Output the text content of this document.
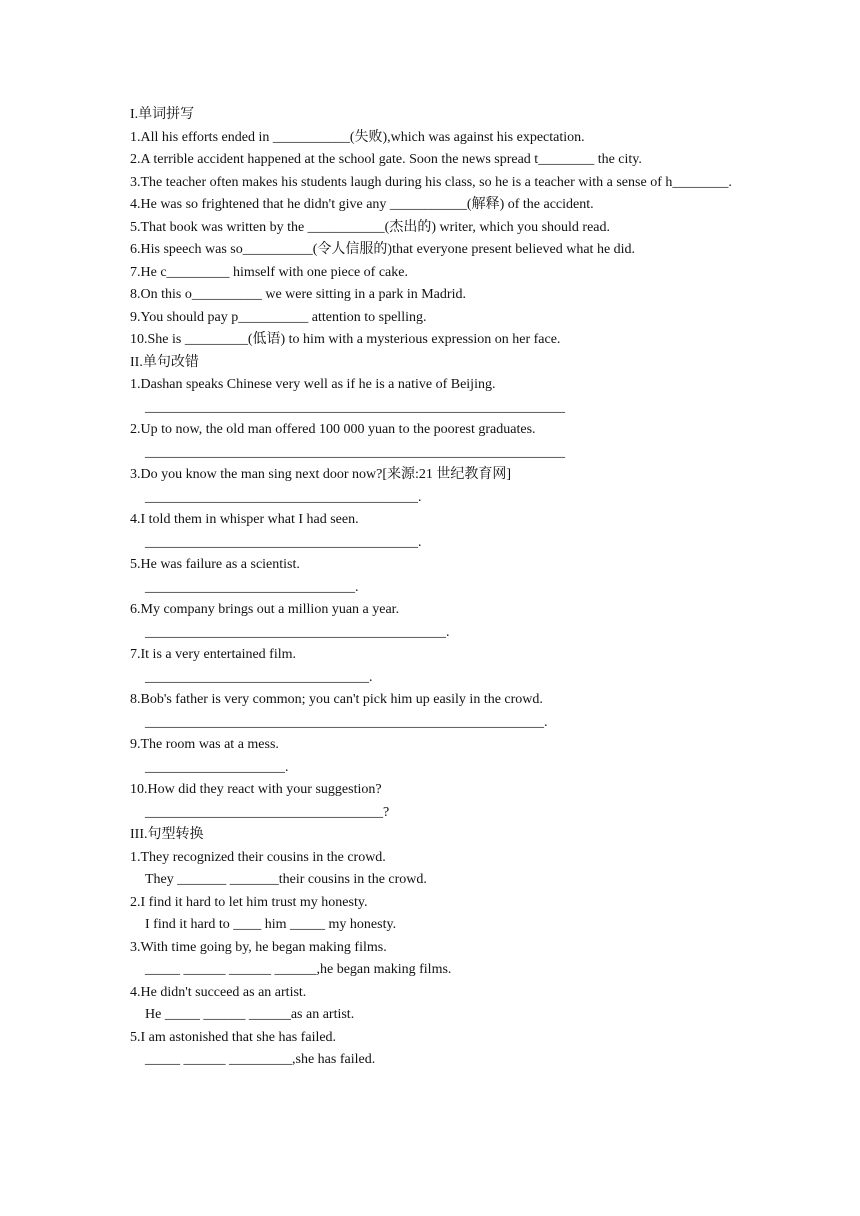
I.单词拼写
1.All his efforts ended in ___________(失败),which was against his expectation.
2.A terrible accident happened at the school gate. Soon the news spread t________ the city.
3.The teacher often makes his students laugh during his class, so he is a teacher with a sense of h________.
4.He was so frightened that he didn't give any ___________(解释) of the accident.
5.That book was written by the ___________(杰出的) writer, which you should read.
6.His speech was so__________(令人信服的)that everyone present believed what he did.
7.He c_________ himself with one piece of cake.
8.On this o__________ we were sitting in a park in Madrid.
9.You should pay p__________ attention to spelling.
10.She is _________(低语) to him with a mysterious expression on her face.
II.单句改错
1.Dashan speaks Chinese very well as if he is a native of Beijing.
____________________________________________________________
2.Up to now, the old man offered 100 000 yuan to the poorest graduates.
____________________________________________________________
3.Do you know the man sing next door now?[来源:21 世纪教育网]
_______________________________________.
4.I told them in whisper what I had seen.
_______________________________________.
5.He was failure as a scientist.
______________________________.
6.My company brings out a million yuan a year.
___________________________________________.
7.It is a very entertained film.
________________________________.
8.Bob's father is very common; you can't pick him up easily in the crowd.
_________________________________________________________.
9.The room was at a mess.
____________________.
10.How did they react with your suggestion?
__________________________________?
III.句型转换
1.They recognized their cousins in the crowd.
They _______ _______their cousins in the crowd.
2.I find it hard to let him trust my honesty.
I find it hard to ____ him _____ my honesty.
3.With time going by, he began making films.
_____ ______ ______ ______,he began making films.
4.He didn't succeed as an artist.
He _____ ______ ______as an artist.
5.I am astonished that she has failed.
_____ ______ _________,she has failed.
